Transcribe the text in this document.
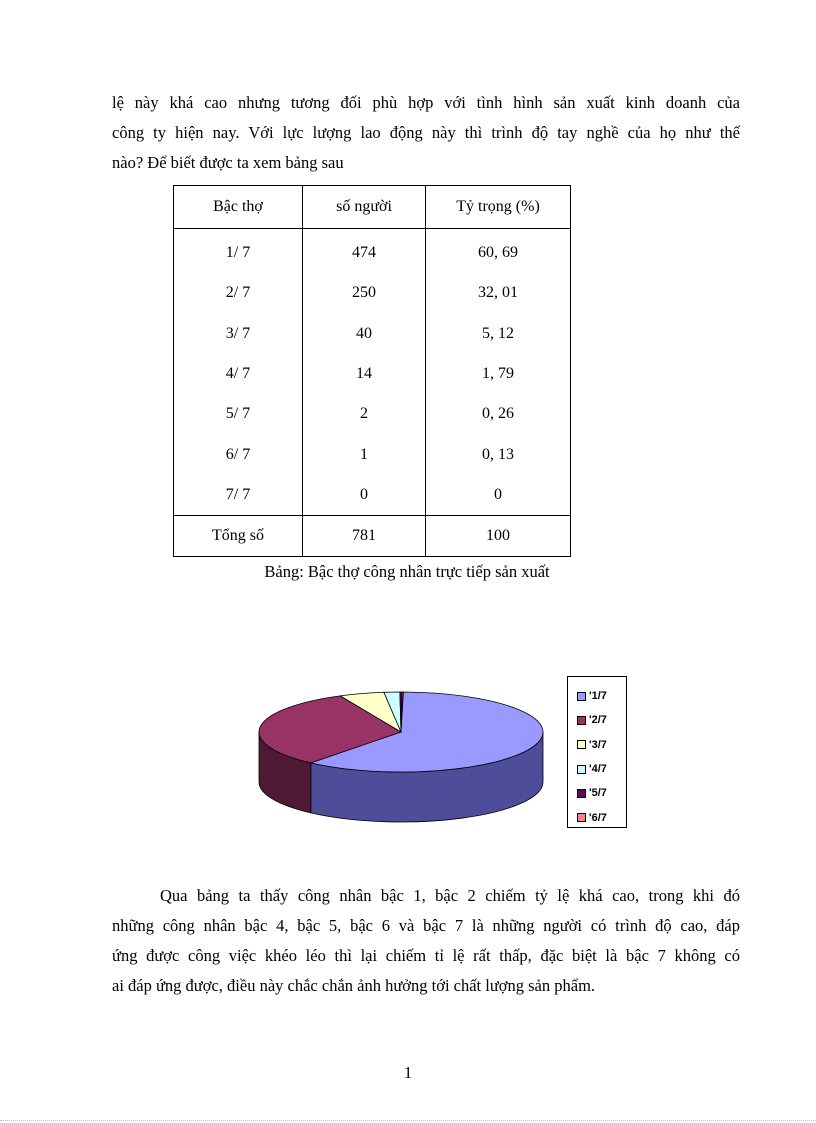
lệ này khá cao nhưng tương đối phù hợp với tình hình sản xuất kinh doanh của
công ty hiện nay. Với lực lượng lao động này thì trình độ tay nghề của họ như thế
nào? Để biết được ta xem bảng sau

Bậc thợ	số người	Tỷ trọng (%)
1/ 7	474	60, 69
2/ 7	250	32, 01
3/ 7	40	5, 12
4/ 7	14	1, 79
5/ 7	2	0, 26
6/ 7	1	0, 13
7/ 7	0	0
Tổng số	781	100

Bảng: Bậc thợ công nhân trực tiếp sản xuất

'1/7
'2/7
'3/7
'4/7
'5/7
'6/7

Qua bảng ta thấy công nhân bậc 1, bậc 2 chiếm tỷ lệ khá cao, trong khi đó
những công nhân bậc 4, bậc 5, bậc 6 và bậc 7 là những người có trình độ cao, đáp
ứng được công việc khéo léo thì lại chiếm tỉ lệ rất thấp, đặc biệt là bậc 7 không có
ai đáp ứng được, điều này chắc chắn ảnh hưởng tới chất lượng sản phẩm.

1
